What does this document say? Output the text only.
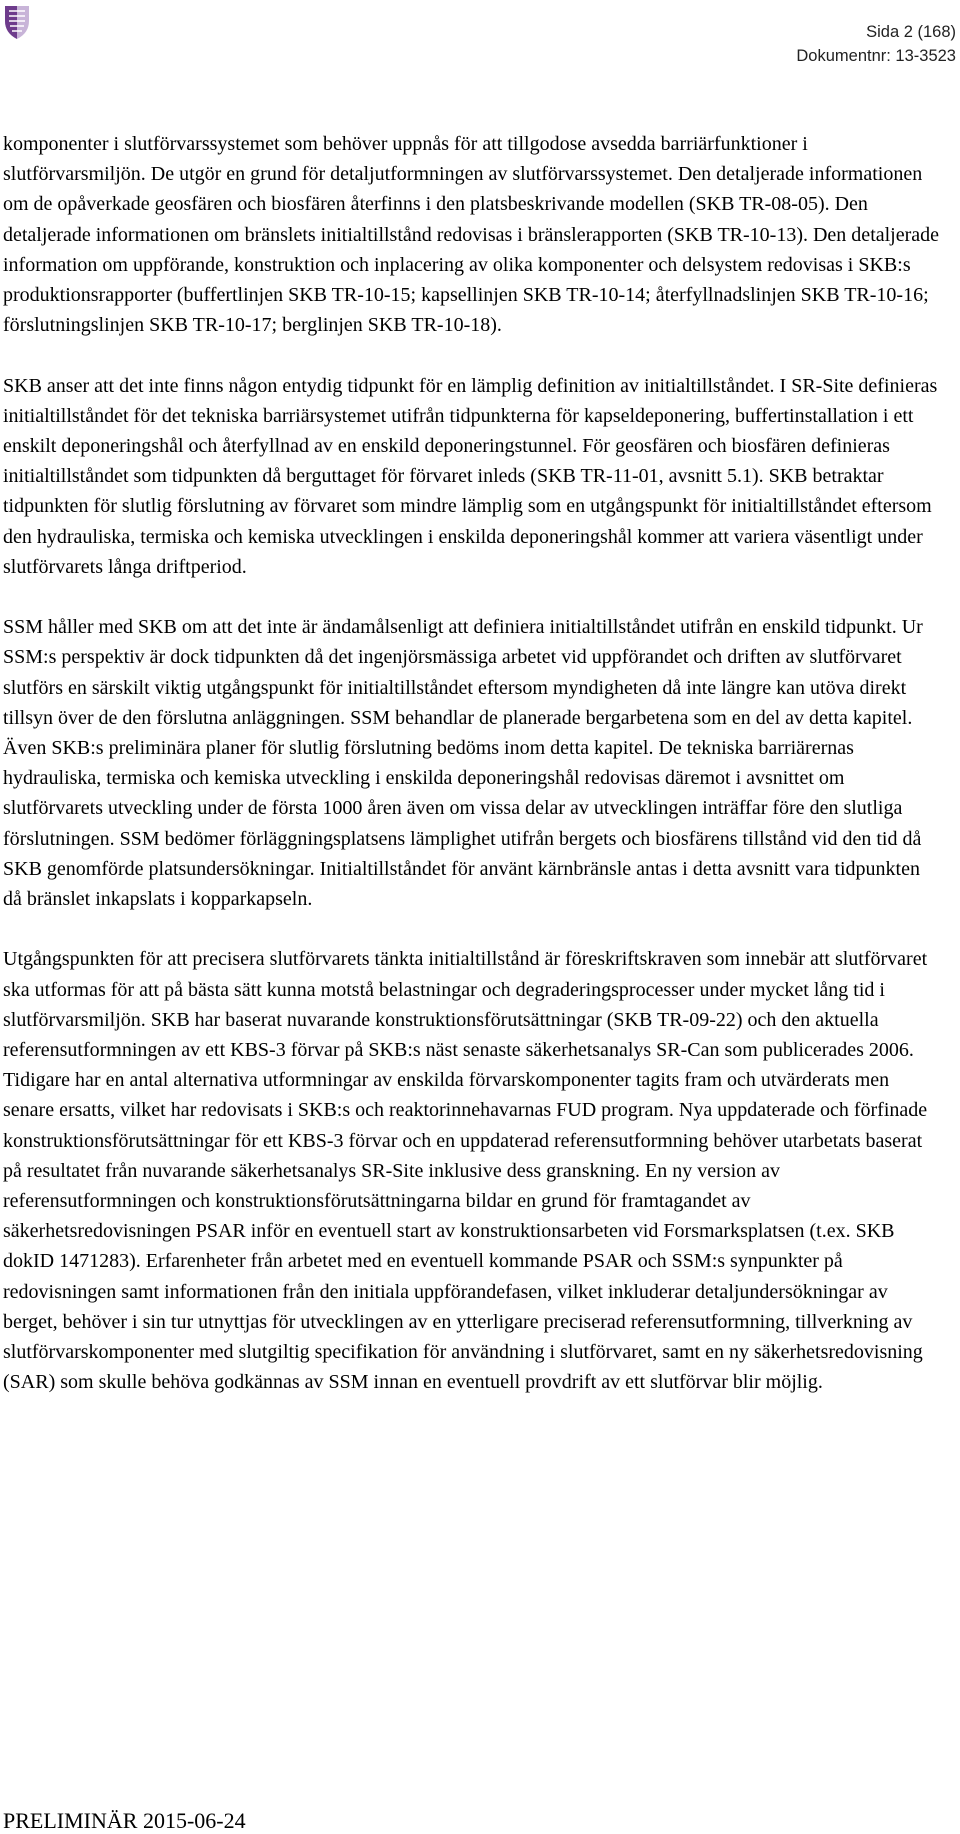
Sida 2 (168)
Dokumentnr: 13-3523

komponenter i slutförvarssystemet som behöver uppnås för att tillgodose avsedda barriärfunktioner i slutförvarsmiljön. De utgör en grund för detaljutformningen av slutförvarssystemet. Den detaljerade informationen om de opåverkade geosfären och biosfären återfinns i den platsbeskrivande modellen (SKB TR-08-05). Den detaljerade informationen om bränslets initialtillstånd redovisas i bränslerapporten (SKB TR-10-13). Den detaljerade information om uppförande, konstruktion och inplacering av olika komponenter och delsystem redovisas i SKB:s produktionsrapporter (buffertlinjen SKB TR-10-15; kapsellinjen SKB TR-10-14; återfyllnadslinjen SKB TR-10-16; förslutningslinjen SKB TR-10-17; berglinjen SKB TR-10-18).

SKB anser att det inte finns någon entydig tidpunkt för en lämplig definition av initialtillståndet. I SR-Site definieras initialtillståndet för det tekniska barriärsystemet utifrån tidpunkterna för kapseldeponering, buffertinstallation i ett enskilt deponeringshål och återfyllnad av en enskild deponeringstunnel. För geosfären och biosfären definieras initialtillståndet som tidpunkten då berguttaget för förvaret inleds (SKB TR-11-01, avsnitt 5.1). SKB betraktar tidpunkten för slutlig förslutning av förvaret som mindre lämplig som en utgångspunkt för initialtillståndet eftersom den hydrauliska, termiska och kemiska utvecklingen i enskilda deponeringshål kommer att variera väsentligt under slutförvarets långa driftperiod.

SSM håller med SKB om att det inte är ändamålsenligt att definiera initialtillståndet utifrån en enskild tidpunkt. Ur SSM:s perspektiv är dock tidpunkten då det ingenjörsmässiga arbetet vid uppförandet och driften av slutförvaret slutförs en särskilt viktig utgångspunkt för initialtillståndet eftersom myndigheten då inte längre kan utöva direkt tillsyn över de den förslutna anläggningen. SSM behandlar de planerade bergarbetena som en del av detta kapitel. Även SKB:s preliminära planer för slutlig förslutning bedöms inom detta kapitel. De tekniska barriärernas hydrauliska, termiska och kemiska utveckling i enskilda deponeringshål redovisas däremot i avsnittet om slutförvarets utveckling under de första 1000 åren även om vissa delar av utvecklingen inträffar före den slutliga förslutningen. SSM bedömer förläggningsplatsens lämplighet utifrån bergets och biosfärens tillstånd vid den tid då SKB genomförde platsundersökningar. Initialtillståndet för använt kärnbränsle antas i detta avsnitt vara tidpunkten då bränslet inkapslats i kopparkapseln.

Utgångspunkten för att precisera slutförvarets tänkta initialtillstånd är föreskriftskraven som innebär att slutförvaret ska utformas för att på bästa sätt kunna motstå belastningar och degraderingsprocesser under mycket lång tid i slutförvarsmiljön. SKB har baserat nuvarande konstruktionsförutsättningar (SKB TR-09-22) och den aktuella referensutformningen av ett KBS-3 förvar på SKB:s näst senaste säkerhetsanalys SR-Can som publicerades 2006. Tidigare har en antal alternativa utformningar av enskilda förvarskomponenter tagits fram och utvärderats men senare ersatts, vilket har redovisats i SKB:s och reaktorinnehavarnas FUD program. Nya uppdaterade och förfinade konstruktionsförutsättningar för ett KBS-3 förvar och en uppdaterad referensutformning behöver utarbetats baserat på resultatet från nuvarande säkerhetsanalys SR-Site inklusive dess granskning. En ny version av referensutformningen och konstruktionsförutsättningarna bildar en grund för framtagandet av säkerhetsredovisningen PSAR inför en eventuell start av konstruktionsarbeten vid Forsmarksplatsen (t.ex. SKB dokID 1471283). Erfarenheter från arbetet med en eventuell kommande PSAR och SSM:s synpunkter på redovisningen samt informationen från den initiala uppförandefasen, vilket inkluderar detaljundersökningar av berget, behöver i sin tur utnyttjas för utvecklingen av en ytterligare preciserad referensutformning, tillverkning av slutförvarskomponenter med slutgiltig specifikation för användning i slutförvaret, samt en ny säkerhetsredovisning (SAR) som skulle behöva godkännas av SSM innan en eventuell provdrift av ett slutförvar blir möjlig.

PRELIMINÄR 2015-06-24
